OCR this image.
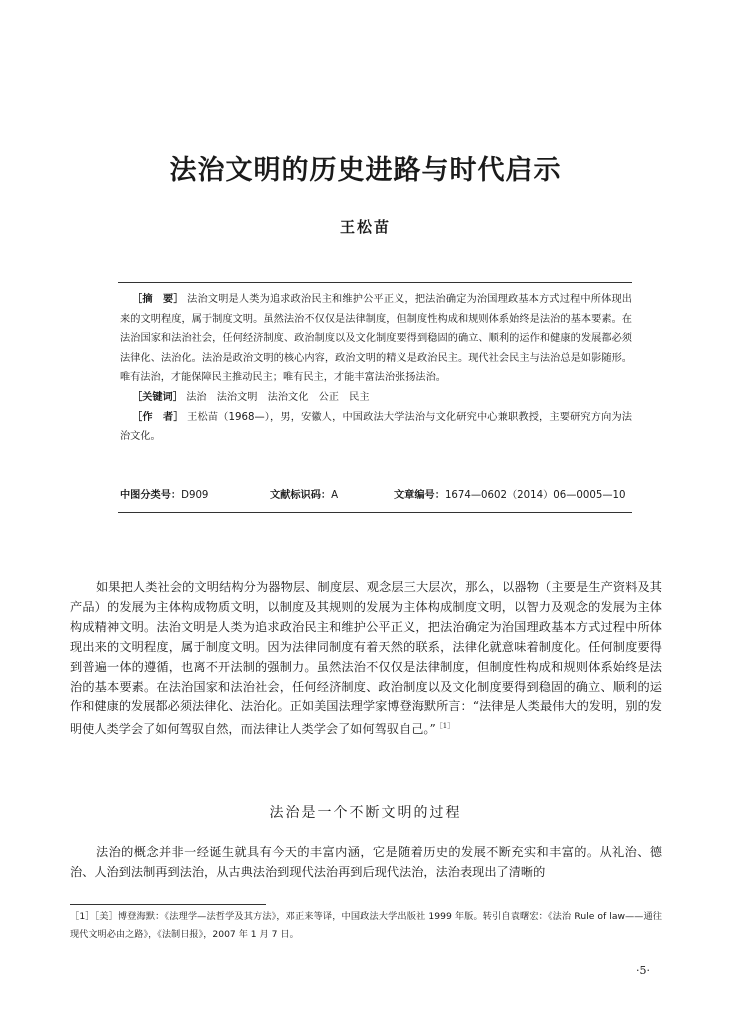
法治文明的历史进路与时代启示
王松苗

［摘　要］ 法治文明是人类为追求政治民主和维护公平正义，把法治确定为治国理政基本方式过程中所体现出来的文明程度，属于制度文明。虽然法治不仅仅是法律制度，但制度性构成和规则体系始终是法治的基本要素。在法治国家和法治社会，任何经济制度、政治制度以及文化制度要得到稳固的确立、顺利的运作和健康的发展都必须法律化、法治化。法治是政治文明的核心内容，政治文明的精义是政治民主。现代社会民主与法治总是如影随形。唯有法治，才能保障民主推动民主；唯有民主，才能丰富法治张扬法治。

［关键词］ 法治　法治文明　法治文化　公正　民主

［作　者］ 王松苗（1968—），男，安徽人，中国政法大学法治与文化研究中心兼职教授，主要研究方向为法治文化。

中图分类号：D909	文献标识码：A	文章编号：1674—0602（2014）06—0005—10

如果把人类社会的文明结构分为器物层、制度层、观念层三大层次，那么，以器物（主要是生产资料及其产品）的发展为主体构成物质文明，以制度及其规则的发展为主体构成制度文明，以智力及观念的发展为主体构成精神文明。法治文明是人类为追求政治民主和维护公平正义，把法治确定为治国理政基本方式过程中所体现出来的文明程度，属于制度文明。因为法律同制度有着天然的联系，法律化就意味着制度化。任何制度要得到普遍一体的遵循，也离不开法制的强制力。虽然法治不仅仅是法律制度，但制度性构成和规则体系始终是法治的基本要素。在法治国家和法治社会，任何经济制度、政治制度以及文化制度要得到稳固的确立、顺利的运作和健康的发展都必须法律化、法治化。正如美国法理学家博登海默所言：“法律是人类最伟大的发明，别的发明使人类学会了如何驾驭自然，而法律让人类学会了如何驾驭自己。”$^{[1]}$

法治是一个不断文明的过程

法治的概念并非一经诞生就具有今天的丰富内涵，它是随着历史的发展不断充实和丰富的。从礼治、德治、人治到法制再到法治，从古典法治到现代法治再到后现代法治，法治表现出了清晰的

［1］［美］博登海默：《法理学—法哲学及其方法》，邓正来等译，中国政法大学出版社 1999 年版。转引自袁曙宏：《法治 Rule of law——通往现代文明必由之路》，《法制日报》，2007 年 1 月 7 日。

·5·
